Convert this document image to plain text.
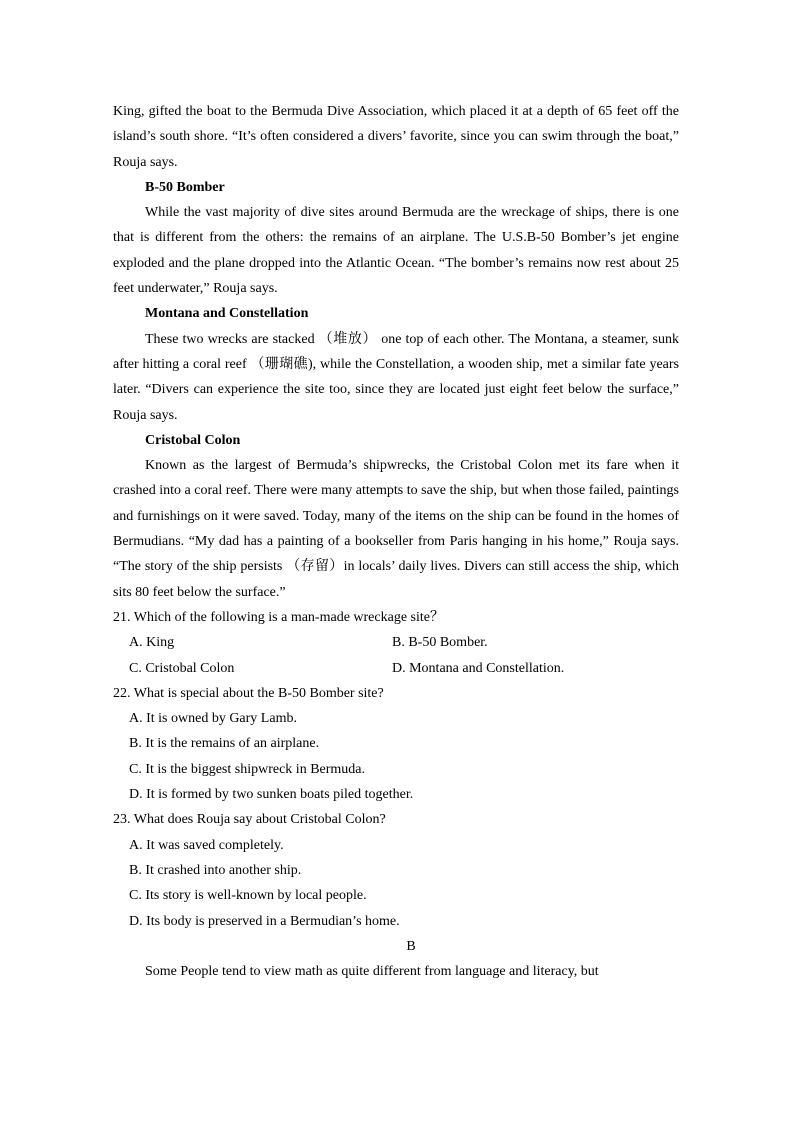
King, gifted the boat to the Bermuda Dive Association, which placed it at a depth of 65 feet off the island’s south shore. “It’s often considered a divers’ favorite, since you can swim through the boat,” Rouja says.

B-50 Bomber

While the vast majority of dive sites around Bermuda are the wreckage of ships, there is one that is different from the others: the remains of an airplane. The U.S.B-50 Bomber’s jet engine exploded and the plane dropped into the Atlantic Ocean. “The bomber’s remains now rest about 25 feet underwater,” Rouja says.

Montana and Constellation

These two wrecks are stacked （堆放） one top of each other. The Montana, a steamer, sunk after hitting a coral reef （珊瑚礁), while the Constellation, a wooden ship, met a similar fate years later. “Divers can experience the site too, since they are located just eight feet below the surface,” Rouja says.

Cristobal Colon

Known as the largest of Bermuda’s shipwrecks, the Cristobal Colon met its fare when it crashed into a coral reef. There were many attempts to save the ship, but when those failed, paintings and furnishings on it were saved. Today, many of the items on the ship can be found in the homes of Bermudians. “My dad has a painting of a bookseller from Paris hanging in his home,” Rouja says. “The story of the ship persists （存留）in locals’ daily lives. Divers can still access the ship, which sits 80 feet below the surface.”

21. Which of the following is a man-made wreckage site？

A. King	B. B-50 Bomber.

C. Cristobal Colon	D. Montana and Constellation.

22. What is special about the B-50 Bomber site?

A. It is owned by Gary Lamb.

B. It is the remains of an airplane.

C. It is the biggest shipwreck in Bermuda.

D. It is formed by two sunken boats piled together.

23. What does Rouja say about Cristobal Colon?

A. It was saved completely.

B. It crashed into another ship.

C. Its story is well-known by local people.

D. Its body is preserved in a Bermudian’s home.

B

Some People tend to view math as quite different from language and literacy, but
